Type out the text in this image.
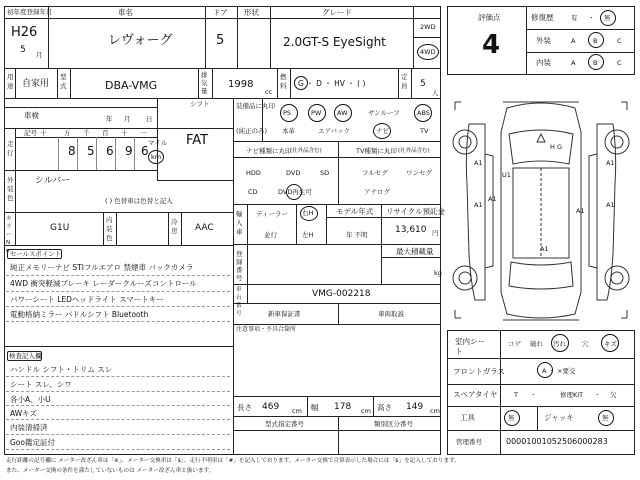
初年度登録年月	車名	ドア 形状	グレード
H26
5 月
レヴォーグ	5	2.0GT-S EyeSight
2WD
4WD
用途 自家用
型式	DBA-VMG
排気量
1998
cc
燃料 G ・ D ・ HV ・ ( )
定員 5
人
シフト
車検	年 月 日
FAT
走行
記号 十	万 千 百 十 一
8 5 6 9 6
マイル
km
外装色
シルバー
( ) 色替車は色替と記入
カラーNo.
G1U
内装色
冷房 AAC
セールスポイント
純正メモリーナビ STIフルエアロ 禁煙車 バックカメラ
4WD 衝突軽減ブレーキ レーダークルーズコントロール
パワーシート LEDヘッドライト スマートキー
電動格納ミラー パドルシフト Bluetooth
検査記入欄
ハンドル シフト・トリム スレ
シート スレ、シワ
各小A、小U
AWキズ
内装清掃済
Goo鑑定証付
装備品に丸印
(純正のみ)
PS	PW AW	サンルーフ	ABS
本革	エアバック	ナビ	TV
ナビ種類に丸印
(社外品含む)	TV種類に丸印 (社外品含む)
HDD	DVD	SD
CD	DVD再生可
フルセグ	ワンセグ
アナログ
輸入車
ディーラー
並行
右H
左H
モデル年式
年 不明
リサイクル預託金
13,610 円
登録番号
最大積載量
kg
車台番号
VMG-002218
新車保証書	車両取説
注意事項・不具合箇所
長さ 469 cm 幅 178 cm 高さ 149 cm
型式指定番号	類別区分番号
評価点
4
修復歴	有 ・ 無
外装	A	B	C
内装	A	B	C
H G
A1
A1
A1
A1
U1
A1
A1
A1
室内シート
コゲ 破れ 汚れ 穴 キズ
フロントガラス	A ・ ×要交
スペアタイヤ	T ・	修理KIT ・ 欠
工具	無	ジャッキ	無
管理番号	00001001052506000283
走行距離の記号欄に メーター改ざん車は「※」、メーター交換車は「$」、走行不明車は「#」を記入しております。メーター交換で合算表示した場合には「$」を記入しております。
また、メーター交換の条件を満たしていないものは メーター改ざん車と扱います。
